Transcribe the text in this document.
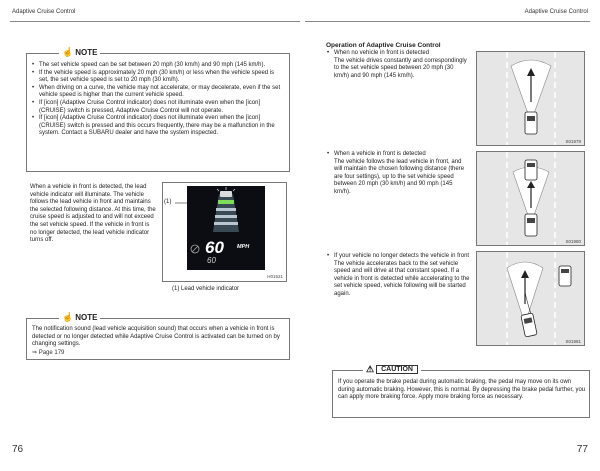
Adaptive Cruise Control	Adaptive Cruise Control
☝ NOTE

• The set vehicle speed can be set between 20 mph (30 km/h) and 90 mph (145 km/h).

• If the vehicle speed is approximately 20 mph (30 km/h) or less when the vehicle speed is set, the set vehicle speed is set to 20 mph (30 km/h).

• When driving on a curve, the vehicle may not accelerate, or may decelerate, even if the set vehicle speed is higher than the current vehicle speed.

• If [icon] (Adaptive Cruise Control indicator) does not illuminate even when the [icon] (CRUISE) switch is pressed, Adaptive Cruise Control will not operate.

• If [icon] (Adaptive Cruise Control indicator) does not illuminate even when the [icon] (CRUISE) switch is pressed and this occurs frequently, there may be a malfunction in the system. Contact a SUBARU dealer and have the system inspected.

When a vehicle in front is detected, the lead vehicle indicator will illuminate. The vehicle follows the lead vehicle in front and maintains the selected following distance. At this time, the cruise speed is adjusted to and will not exceed the set vehicle speed. If the vehicle in front is no longer detected, the lead vehicle indicator turns off.
(1)
60 MPH
60
H01521
(1) Lead vehicle indicator
☝ NOTE
The notification sound (lead vehicle acquisition sound) that occurs when a vehicle in front is detected or no longer detected while Adaptive Cruise Control is activated can be turned on by changing settings.
⇒ Page 179
76
Operation of Adaptive Cruise Control

• When no vehicle in front is detected

The vehicle drives constantly and correspondingly to the set vehicle speed between 20 mph (30 km/h) and 90 mph (145 km/h).
S01979

• When a vehicle in front is detected

The vehicle follows the lead vehicle in front, and will maintain the chosen following distance (there are four settings), up to the set vehicle speed between 20 mph (30 km/h) and 90 mph (145 km/h).
S01980

• If your vehicle no longer detects the vehicle in front

The vehicle accelerates back to the set vehicle speed and will drive at that constant speed. If a vehicle in front is detected while accelerating to the set vehicle speed, vehicle following will be started again.
S01981
⚠	CAUTION
If you operate the brake pedal during automatic braking, the pedal may move on its own during automatic braking. However, this is normal. By depressing the brake pedal further, you can apply more braking force. Apply more braking force as necessary.
77
